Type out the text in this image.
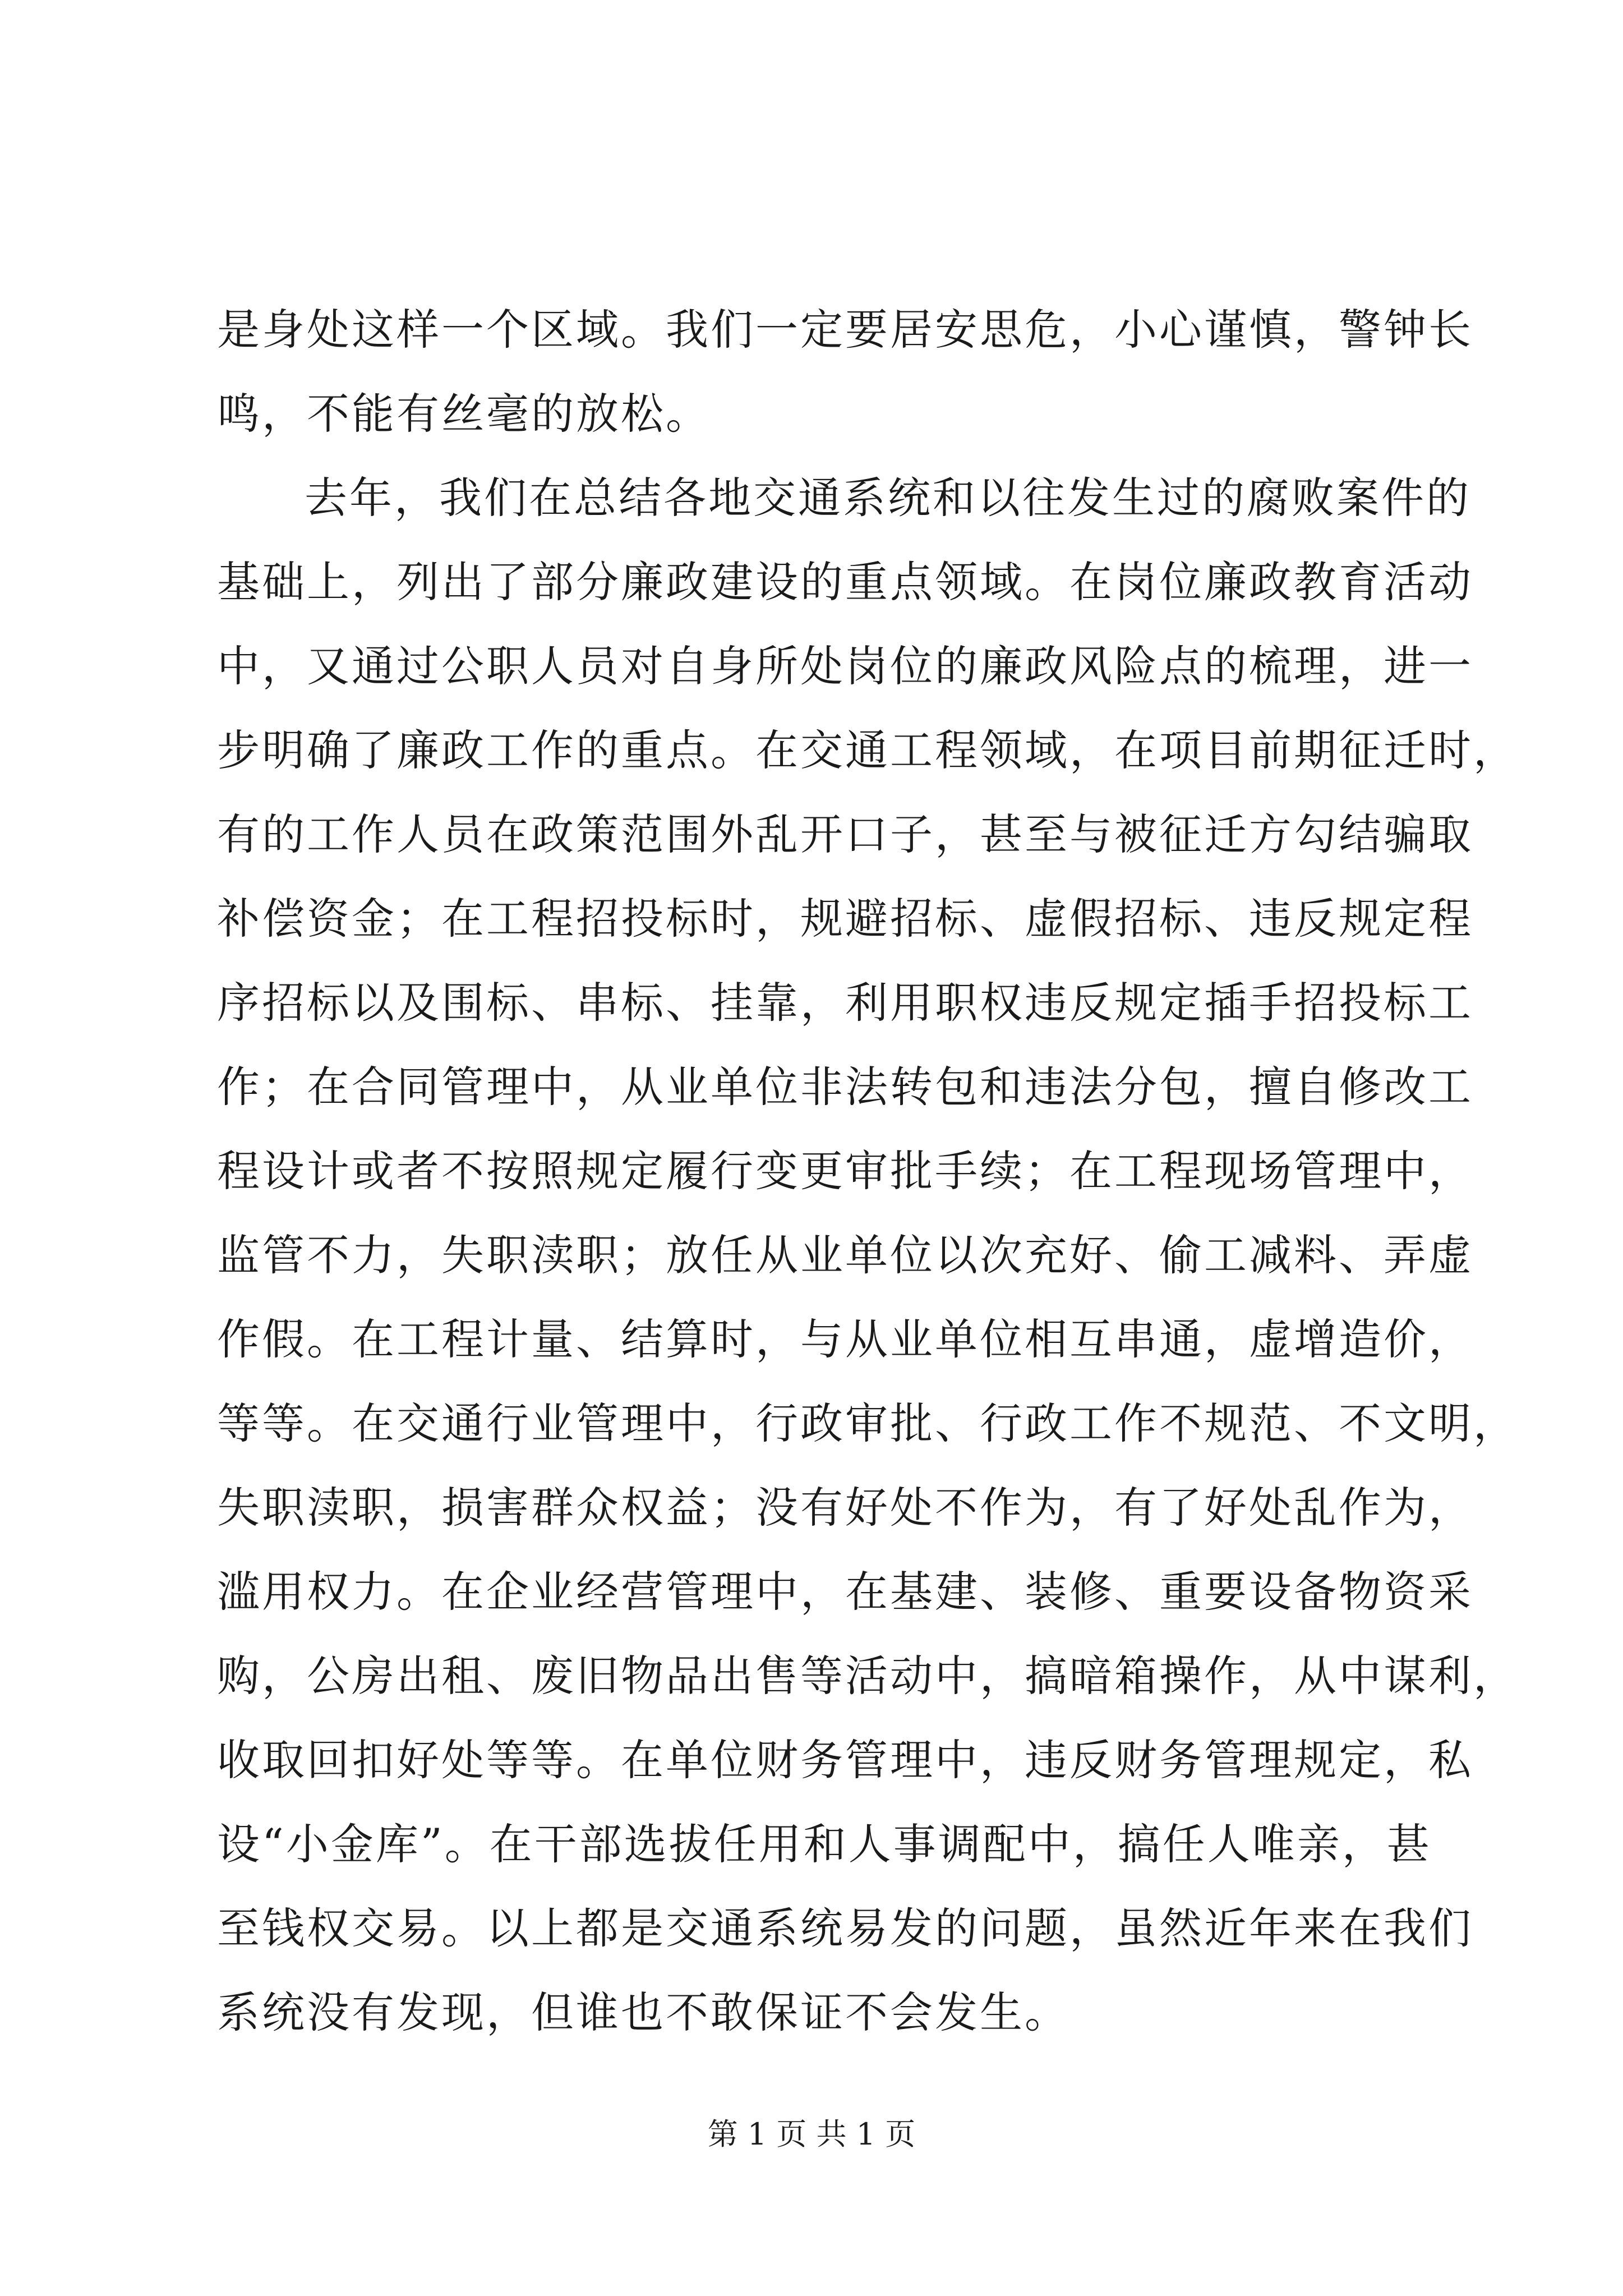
是身处这样一个区域。我们一定要居安思危，小心谨慎，警钟长
鸣，不能有丝毫的放松。
去年，我们在总结各地交通系统和以往发生过的腐败案件的
基础上，列出了部分廉政建设的重点领域。在岗位廉政教育活动
中，又通过公职人员对自身所处岗位的廉政风险点的梳理，进一
步明确了廉政工作的重点。在交通工程领域，在项目前期征迁时，
有的工作人员在政策范围外乱开口子，甚至与被征迁方勾结骗取
补偿资金；在工程招投标时，规避招标、虚假招标、违反规定程
序招标以及围标、串标、挂靠，利用职权违反规定插手招投标工
作；在合同管理中，从业单位非法转包和违法分包，擅自修改工
程设计或者不按照规定履行变更审批手续；在工程现场管理中，
监管不力，失职渎职；放任从业单位以次充好、偷工减料、弄虚
作假。在工程计量、结算时，与从业单位相互串通，虚增造价，
等等。在交通行业管理中，行政审批、行政工作不规范、不文明，
失职渎职，损害群众权益；没有好处不作为，有了好处乱作为，
滥用权力。在企业经营管理中，在基建、装修、重要设备物资采
购，公房出租、废旧物品出售等活动中，搞暗箱操作，从中谋利，
收取回扣好处等等。在单位财务管理中，违反财务管理规定，私
设“小金库”。在干部选拔任用和人事调配中，搞任人唯亲，甚
至钱权交易。以上都是交通系统易发的问题，虽然近年来在我们
系统没有发现，但谁也不敢保证不会发生。
第 1 页 共 1 页
